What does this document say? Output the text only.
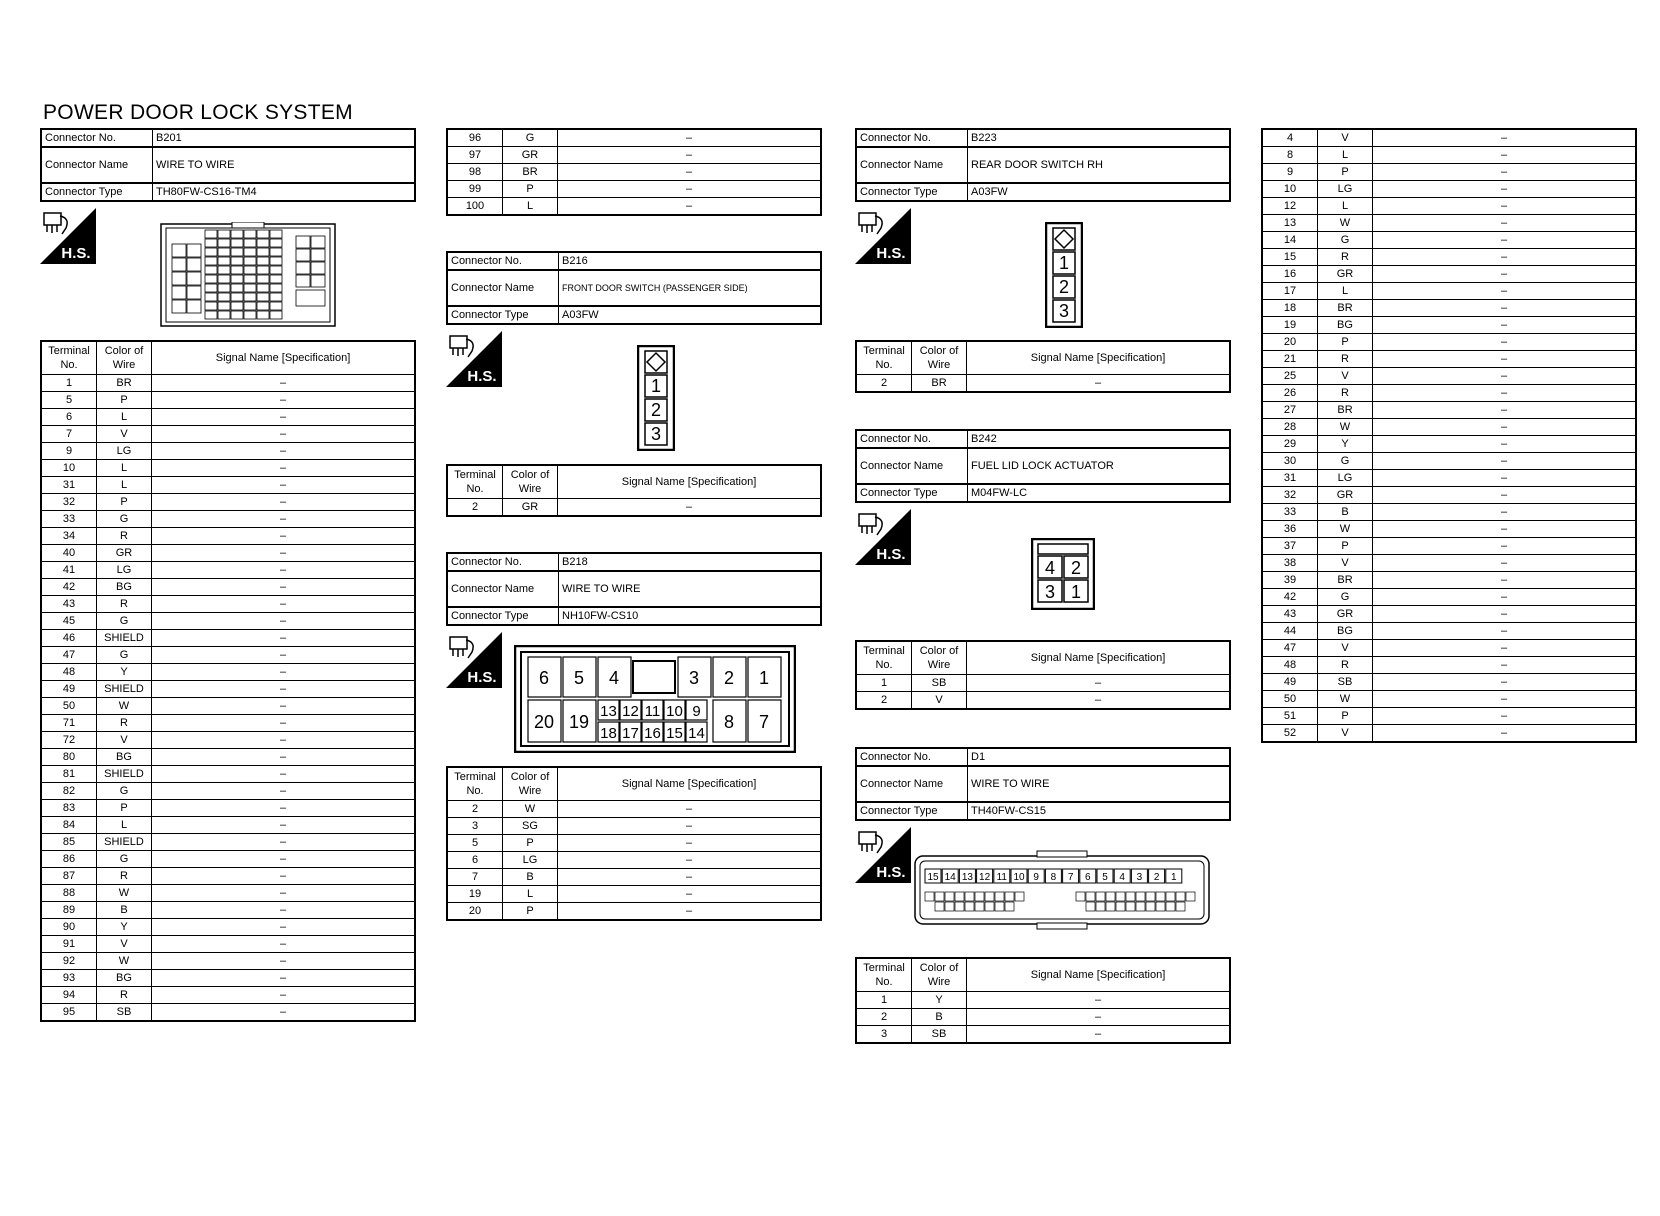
POWER DOOR LOCK SYSTEM
Connector No.	B201
Connector Name	WIRE TO WIRE
Connector Type	TH80FW-CS16-TM4
H.S.
Terminal No.	Color of Wire	Signal Name [Specification]
1	BR	–
5	P	–
6	L	–
7	V	–
9	LG	–
10	L	–
31	L	–
32	P	–
33	G	–
34	R	–
40	GR	–
41	LG	–
42	BG	–
43	R	–
45	G	–
46	SHIELD	–
47	G	–
48	Y	–
49	SHIELD	–
50	W	–
71	R	–
72	V	–
80	BG	–
81	SHIELD	–
82	G	–
83	P	–
84	L	–
85	SHIELD	–
86	G	–
87	R	–
88	W	–
89	B	–
90	Y	–
91	V	–
92	W	–
93	BG	–
94	R	–
95	SB	–
96	G	–
97	GR	–
98	BR	–
99	P	–
100	L	–
Connector No.	B216
Connector Name	FRONT DOOR SWITCH (PASSENGER SIDE)
Connector Type	A03FW
H.S.	1
2
3
Terminal No.	Color of Wire	Signal Name [Specification]
2	GR	–
Connector No.	B218
Connector Name	WIRE TO WIRE
Connector Type	NH10FW-CS10
H.S. 6 5 4	3 2 1
20 19
13
18
12
17
11
16
10
15
9
14
8 7
Terminal No.	Color of Wire	Signal Name [Specification]
2	W	–
3	SG	–
5	P	–
6	LG	–
7	B	–
19	L	–
20	P	–
Connector No.	B223
Connector Name	REAR DOOR SWITCH RH
Connector Type	A03FW
H.S.	1
2
3
Terminal No.	Color of Wire	Signal Name [Specification]
2	BR	–
Connector No.	B242
Connector Name	FUEL LID LOCK ACTUATOR
Connector Type	M04FW-LC
H.S.
4 2
3 1
Terminal No.	Color of Wire	Signal Name [Specification]
1	SB	–
2	V	–
Connector No.	D1
Connector Name	WIRE TO WIRE
Connector Type	TH40FW-CS15
H.S. 15 14 13 12 11 10 9 8 7 6 5 4 3 2 1
Terminal No.	Color of Wire	Signal Name [Specification]
1	Y	–
2	B	–
3	SB	–
4	V	–
8	L	–
9	P	–
10	LG	–
12	L	–
13	W	–
14	G	–
15	R	–
16	GR	–
17	L	–
18	BR	–
19	BG	–
20	P	–
21	R	–
25	V	–
26	R	–
27	BR	–
28	W	–
29	Y	–
30	G	–
31	LG	–
32	GR	–
33	B	–
36	W	–
37	P	–
38	V	–
39	BR	–
42	G	–
43	GR	–
44	BG	–
47	V	–
48	R	–
49	SB	–
50	W	–
51	P	–
52	V	–
